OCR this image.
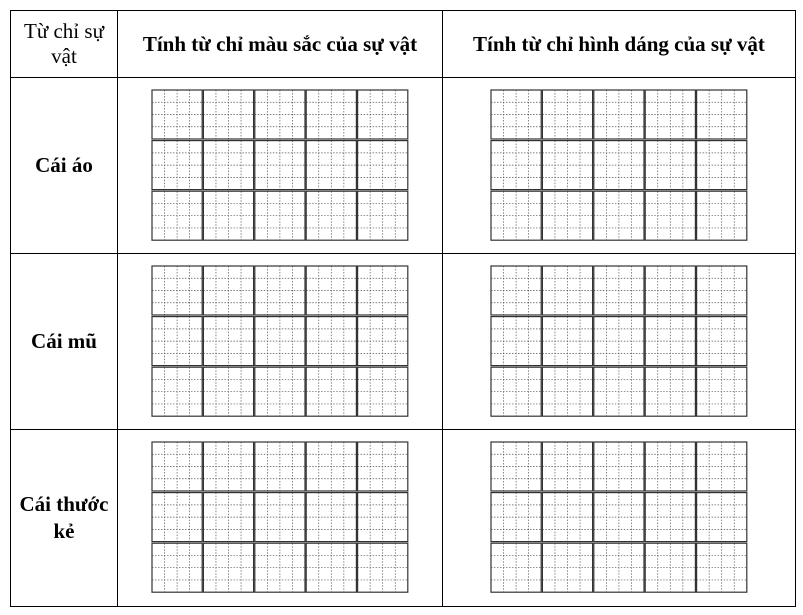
Từ chỉ sự vật	Tính từ chỉ màu sắc của sự vật	Tính từ chỉ hình dáng của sự vật
Cái áo	

Cái mũ	

Cái thước kẻ	
